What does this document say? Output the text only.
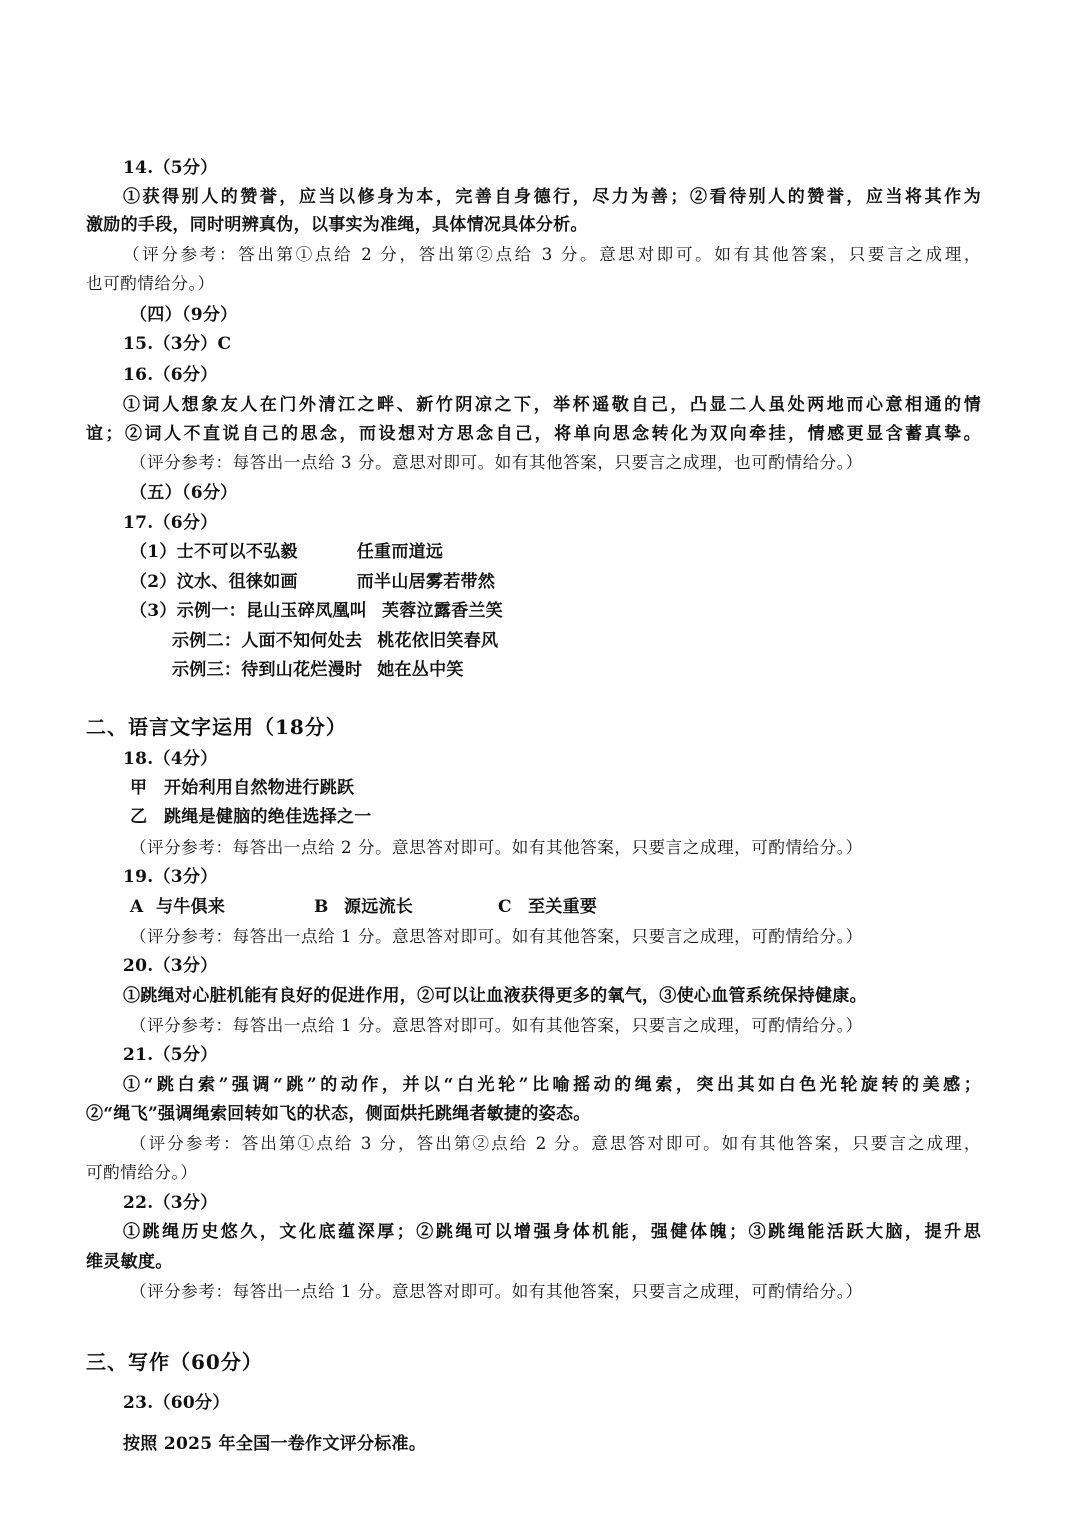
14.（5分）
①获得别人的赞誉，应当以修身为本，完善自身德行，尽力为善；②看待别人的赞誉，应当将其作为
激励的手段，同时明辨真伪，以事实为准绳，具体情况具体分析。
（评分参考：答出第①点给 2 分，答出第②点给 3 分。意思对即可。如有其他答案，只要言之成理，
也可酌情给分。）
（四）（9分）
15.（3分）C
16.（6分）
①词人想象友人在门外清江之畔、新竹阴凉之下，举杯遥敬自己，凸显二人虽处两地而心意相通的情
谊；②词人不直说自己的思念，而设想对方思念自己，将单向思念转化为双向牵挂，情感更显含蓄真挚。
（评分参考：每答出一点给 3 分。意思对即可。如有其他答案，只要言之成理，也可酌情给分。）
（五）（6分）
17.（6分）
（1）士不可以不弘毅	任重而道远
（2）汶水、徂徕如画	而半山居雾若带然
（3）示例一：昆山玉碎凤凰叫 芙蓉泣露香兰笑
示例二：人面不知何处去 桃花依旧笑春风
示例三：待到山花烂漫时 她在丛中笑
二、语言文字运用（18分）
18.（4分）
甲 开始利用自然物进行跳跃
乙 跳绳是健脑的绝佳选择之一
（评分参考：每答出一点给 2 分。意思答对即可。如有其他答案，只要言之成理，可酌情给分。）
19.（3分）
A 与牛俱来	B 源远流长	C 至关重要
（评分参考：每答出一点给 1 分。意思答对即可。如有其他答案，只要言之成理，可酌情给分。）
20.（3分）
①跳绳对心脏机能有良好的促进作用，②可以让血液获得更多的氧气，③使心血管系统保持健康。
（评分参考：每答出一点给 1 分。意思答对即可。如有其他答案，只要言之成理，可酌情给分。）
21.（5分）
①“跳白索”强调“跳”的动作，并以“白光轮”比喻摇动的绳索，突出其如白色光轮旋转的美感；
②“绳飞”强调绳索回转如飞的状态，侧面烘托跳绳者敏捷的姿态。
（评分参考：答出第①点给 3 分，答出第②点给 2 分。意思答对即可。如有其他答案，只要言之成理，
可酌情给分。）
22.（3分）
①跳绳历史悠久，文化底蕴深厚；②跳绳可以增强身体机能，强健体魄；③跳绳能活跃大脑，提升思
维灵敏度。
（评分参考：每答出一点给 1 分。意思答对即可。如有其他答案，只要言之成理，可酌情给分。）
三、写作（60分）
23.（60分）
按照 2025 年全国一卷作文评分标准。
